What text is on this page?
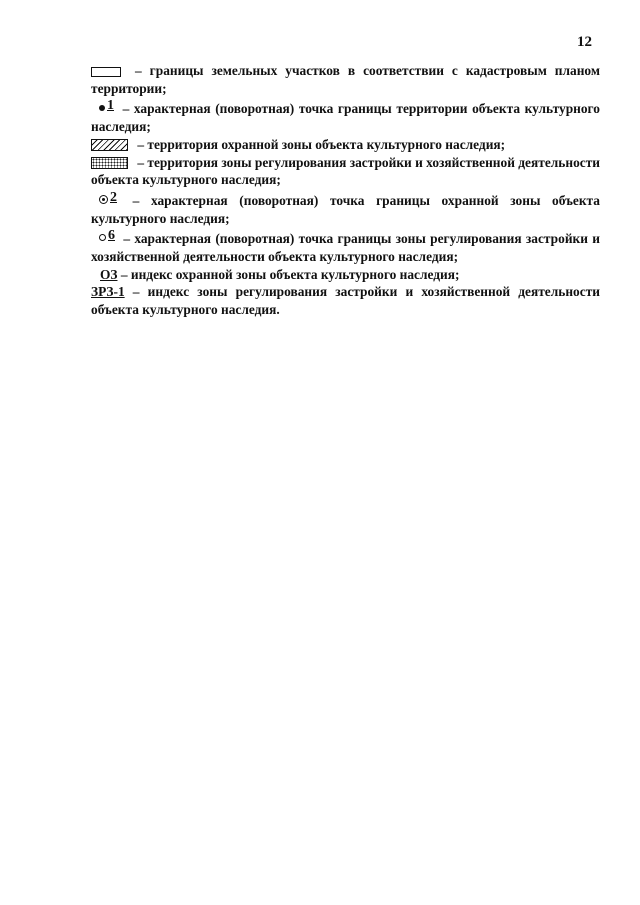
12

– границы земельных участков в соответствии с кадастровым планом территории;

1 – характерная (поворотная) точка границы территории объекта культурного наследия;

– территория охранной зоны объекта культурного наследия;

– территория зоны регулирования застройки и хозяйственной деятельности объекта культурного наследия;

2 – характерная (поворотная) точка границы охранной зоны объекта культурного наследия;

6 – характерная (поворотная) точка границы зоны регулирования застройки и хозяйственной деятельности объекта культурного наследия;

ОЗ – индекс охранной зоны объекта культурного наследия;

ЗРЗ-1 – индекс зоны регулирования застройки и хозяйственной деятельности объекта культурного наследия.
